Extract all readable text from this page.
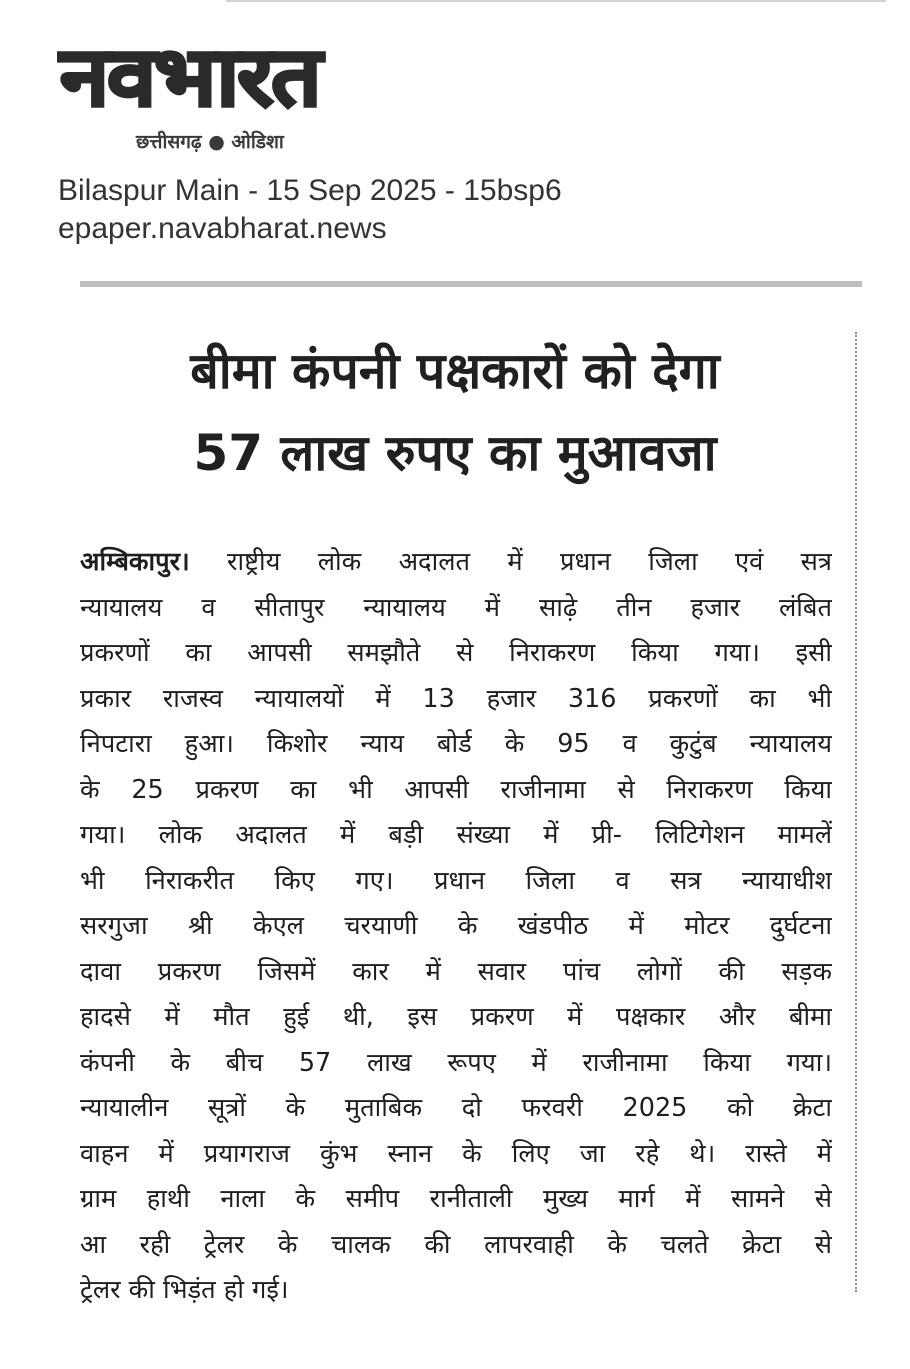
नवभारत
छत्तीसगढ़ ● ओडिशा
Bilaspur Main - 15 Sep 2025 - 15bsp6
epaper.navabharat.news
बीमा कंपनी पक्षकारों को देगा
57 लाख रुपए का मुआवजा
अम्बिकापुर। राष्ट्रीय लोक अदालत में प्रधान जिला एवं सत्र
न्यायालय व सीतापुर न्यायालय में साढ़े तीन हजार लंबित
प्रकरणों का आपसी समझौते से निराकरण किया गया। इसी
प्रकार राजस्व न्यायालयों में 13 हजार 316 प्रकरणों का भी
निपटारा हुआ। किशोर न्याय बोर्ड के 95 व कुटुंब न्यायालय
के 25 प्रकरण का भी आपसी राजीनामा से निराकरण किया
गया। लोक अदालत में बड़ी संख्या में प्री- लिटिगेशन मामलें
भी निराकरीत किए गए। प्रधान जिला व सत्र न्यायाधीश
सरगुजा श्री केएल चरयाणी के खंडपीठ में मोटर दुर्घटना
दावा प्रकरण जिसमें कार में सवार पांच लोगों की सड़क
हादसे में मौत हुई थी, इस प्रकरण में पक्षकार और बीमा
कंपनी के बीच 57 लाख रूपए में राजीनामा किया गया।
न्यायालीन सूत्रों के मुताबिक दो फरवरी 2025 को क्रेटा
वाहन में प्रयागराज कुंभ स्नान के लिए जा रहे थे। रास्ते में
ग्राम हाथी नाला के समीप रानीताली मुख्य मार्ग में सामने से
आ रही ट्रेलर के चालक की लापरवाही के चलते क्रेटा से
ट्रेलर की भिड़ंत हो गई।
